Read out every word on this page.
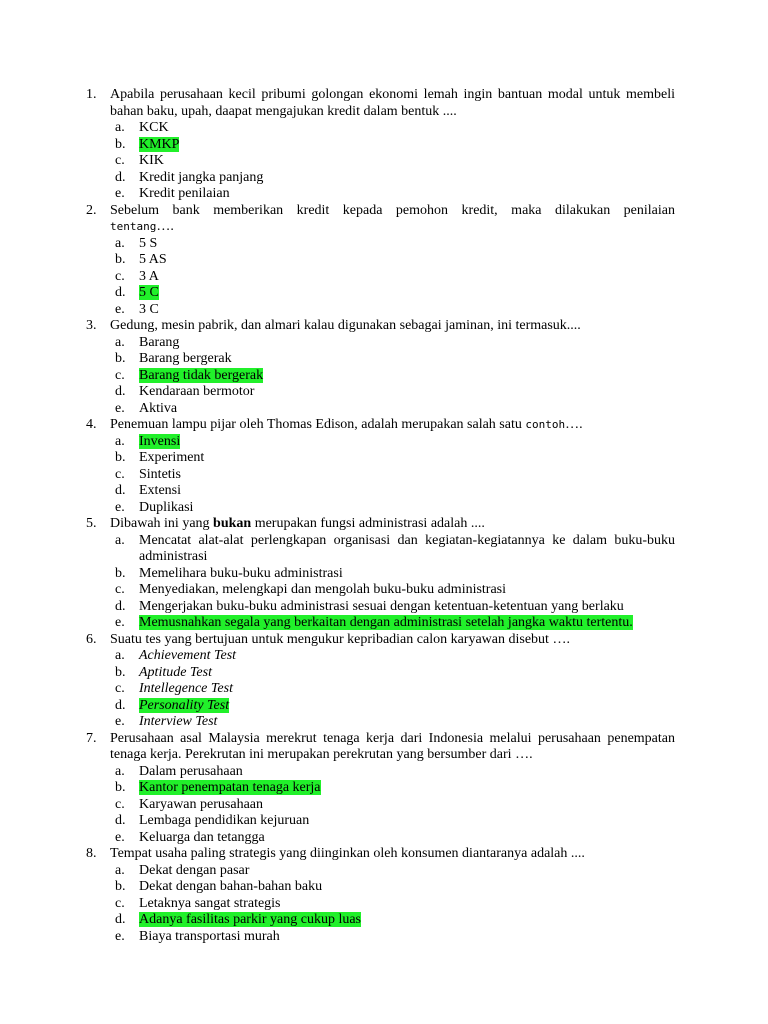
1. Apabila perusahaan kecil pribumi golongan ekonomi lemah ingin bantuan modal untuk membeli bahan baku, upah, daapat mengajukan kredit dalam bentuk ....
a. KCK
b. KMKP
c. KIK
d. Kredit jangka panjang
e. Kredit penilaian
2. Sebelum bank memberikan kredit kepada pemohon kredit, maka dilakukan penilaian
tentang….
a. 5 S
b. 5 AS
c. 3 A
d. 5 C
e. 3 C
3. Gedung, mesin pabrik, dan almari kalau digunakan sebagai jaminan, ini termasuk....
a. Barang
b. Barang bergerak
c. Barang tidak bergerak
d. Kendaraan bermotor
e. Aktiva
4. Penemuan lampu pijar oleh Thomas Edison, adalah merupakan salah satu contoh….
a. Invensi
b. Experiment
c. Sintetis
d. Extensi
e. Duplikasi
5. Dibawah ini yang bukan merupakan fungsi administrasi adalah ....
a. Mencatat alat-alat perlengkapan organisasi dan kegiatan-kegiatannya ke dalam buku-buku administrasi
b. Memelihara buku-buku administrasi
c. Menyediakan, melengkapi dan mengolah buku-buku administrasi
d. Mengerjakan buku-buku administrasi sesuai dengan ketentuan-ketentuan yang berlaku
e. Memusnahkan segala yang berkaitan dengan administrasi setelah jangka waktu tertentu.
6. Suatu tes yang bertujuan untuk mengukur kepribadian calon karyawan disebut ….
a. Achievement Test
b. Aptitude Test
c. Intellegence Test
d. Personality Test
e. Interview Test
7. Perusahaan asal Malaysia merekrut tenaga kerja dari Indonesia melalui perusahaan penempatan tenaga kerja. Perekrutan ini merupakan perekrutan yang bersumber dari ….
a. Dalam perusahaan
b. Kantor penempatan tenaga kerja
c. Karyawan perusahaan
d. Lembaga pendidikan kejuruan
e. Keluarga dan tetangga
8. Tempat usaha paling strategis yang diinginkan oleh konsumen diantaranya adalah ....
a. Dekat dengan pasar
b. Dekat dengan bahan-bahan baku
c. Letaknya sangat strategis
d. Adanya fasilitas parkir yang cukup luas
e. Biaya transportasi murah
